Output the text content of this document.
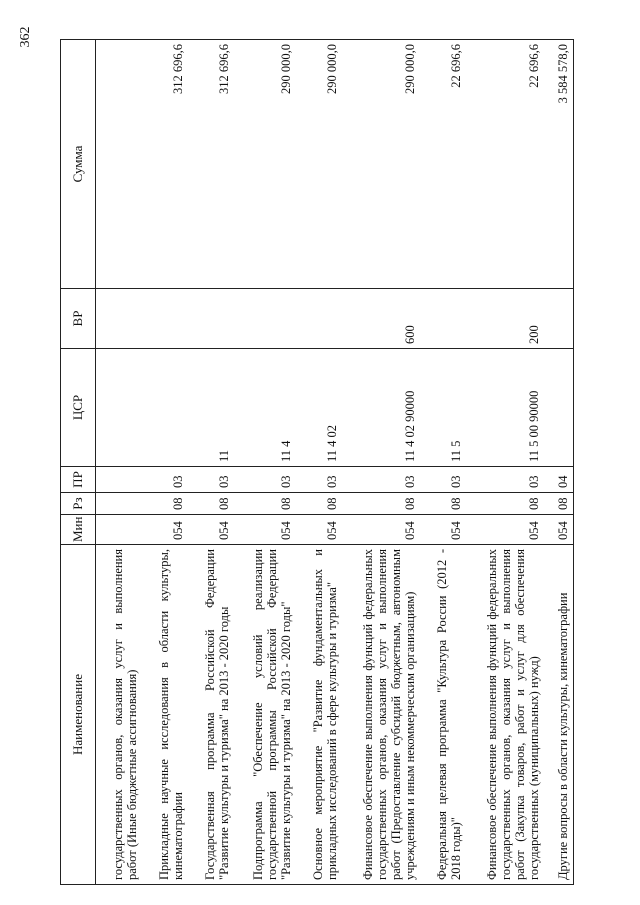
362
Наименование	Мин	Рз	ПР	ЦСР	ВР	Сумма
государственных органов, оказания услуг и выполнения работ (Иные бюджетные ассигнования)						
Прикладные научные исследования в области культуры, кинематографии	054	08	03			312 696,6
Государственная программа Российской Федерации "Развитие культуры и туризма" на 2013 - 2020 годы	054	08	03	11		312 696,6
Подпрограмма "Обеспечение условий реализации государственной программы Российской Федерации "Развитие культуры и туризма" на 2013 - 2020 годы"	054	08	03	11 4		290 000,0
Основное мероприятие "Развитие фундаментальных и прикладных исследований в сфере культуры и туризма"	054	08	03	11 4 02		290 000,0
Финансовое обеспечение выполнения функций федеральных государственных органов, оказания услуг и выполнения работ (Предоставление субсидий бюджетным, автономным учреждениям и иным некоммерческим организациям)	054	08	03	11 4 02 90000	600	290 000,0
Федеральная целевая программа "Культура России (2012 - 2018 годы)"	054	08	03	11 5		22 696,6
Финансовое обеспечение выполнения функций федеральных государственных органов, оказания услуг и выполнения работ (Закупка товаров, работ и услуг для обеспечения государственных (муниципальных) нужд)	054	08	03	11 5 00 90000	200	22 696,6
Другие вопросы в области культуры, кинематографии	054	08	04			3 584 578,0
